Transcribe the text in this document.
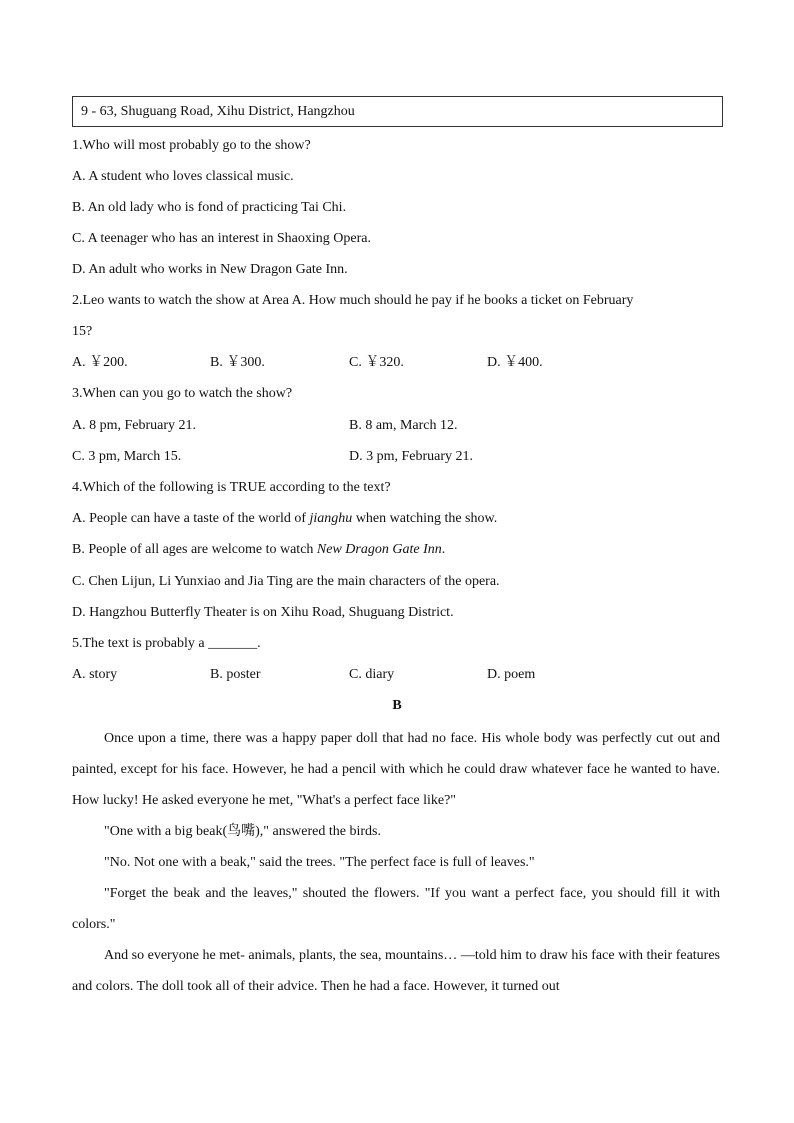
9 - 63, Shuguang Road, Xihu District, Hangzhou
1.Who will most probably go to the show?
A. A student who loves classical music.
B. An old lady who is fond of practicing Tai Chi.
C. A teenager who has an interest in Shaoxing Opera.
D. An adult who works in New Dragon Gate Inn.
2.Leo wants to watch the show at Area A. How much should he pay if he books a ticket on February
15?
A. ￥200.	B. ￥300.	C. ￥320.	D. ￥400.
3.When can you go to watch the show?
A. 8 pm, February 21.	B. 8 am, March 12.
C. 3 pm, March 15.	D. 3 pm, February 21.
4.Which of the following is TRUE according to the text?
A. People can have a taste of the world of jianghu when watching the show.
B. People of all ages are welcome to watch New Dragon Gate Inn.
C. Chen Lijun, Li Yunxiao and Jia Ting are the main characters of the opera.
D. Hangzhou Butterfly Theater is on Xihu Road, Shuguang District.
5.The text is probably a _______.
A. story	B. poster	C. diary	D. poem
B

Once upon a time, there was a happy paper doll that had no face. His whole body was perfectly cut out and painted, except for his face. However, he had a pencil with which he could draw whatever face he wanted to have. How lucky! He asked everyone he met, "What's a perfect face like?"

"One with a big beak(鸟嘴)," answered the birds.

"No. Not one with a beak," said the trees. "The perfect face is full of leaves."

"Forget the beak and the leaves," shouted the flowers. "If you want a perfect face, you should fill it with colors."

And so everyone he met- animals, plants, the sea, mountains… —told him to draw his face with their features and colors. The doll took all of their advice. Then he had a face. However, it turned out
